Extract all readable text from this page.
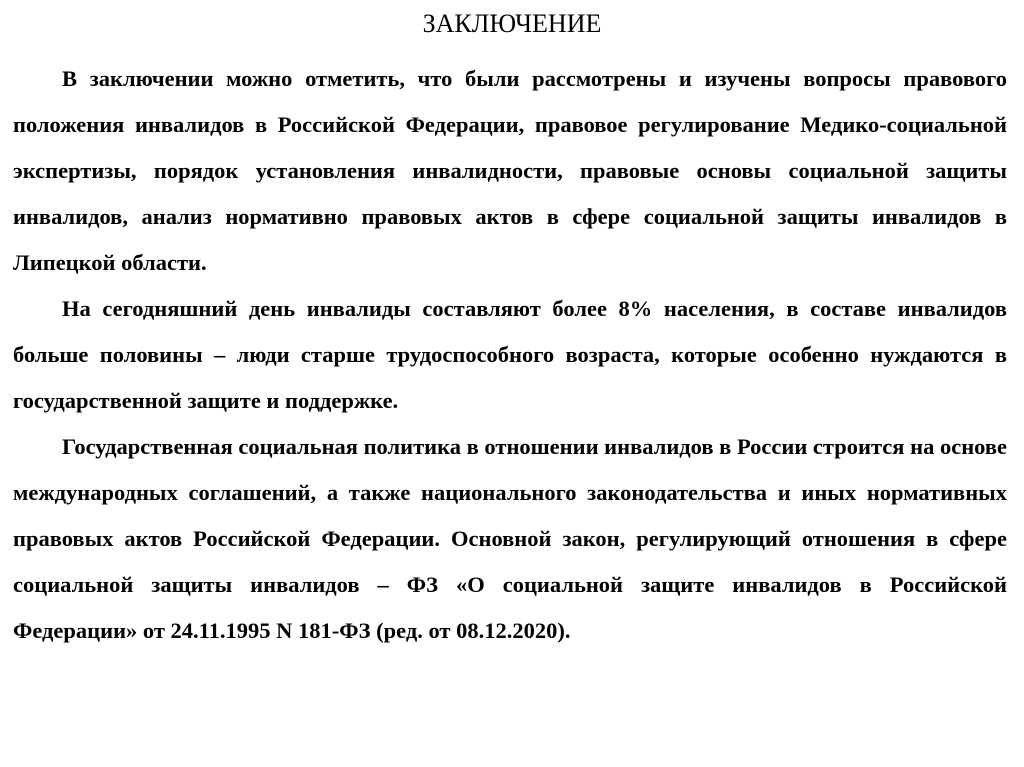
ЗАКЛЮЧЕНИЕ

В заключении можно отметить, что были рассмотрены и изучены вопросы правового положения инвалидов в Российской Федерации, правовое регулирование Медико-социальной экспертизы, порядок установления инвалидности, правовые основы социальной защиты инвалидов, анализ нормативно правовых актов в сфере социальной защиты инвалидов в Липецкой области.

На сегодняшний день инвалиды составляют более 8% населения, в составе инвалидов больше половины – люди старше трудоспособного возраста, которые особенно нуждаются в государственной защите и поддержке.

Государственная социальная политика в отношении инвалидов в России строится на основе международных соглашений, а также национального законодательства и иных нормативных правовых актов Российской Федерации. Основной закон, регулирующий отношения в сфере социальной защиты инвалидов – ФЗ «О социальной защите инвалидов в Российской Федерации» от 24.11.1995 N 181-ФЗ (ред. от 08.12.2020).
